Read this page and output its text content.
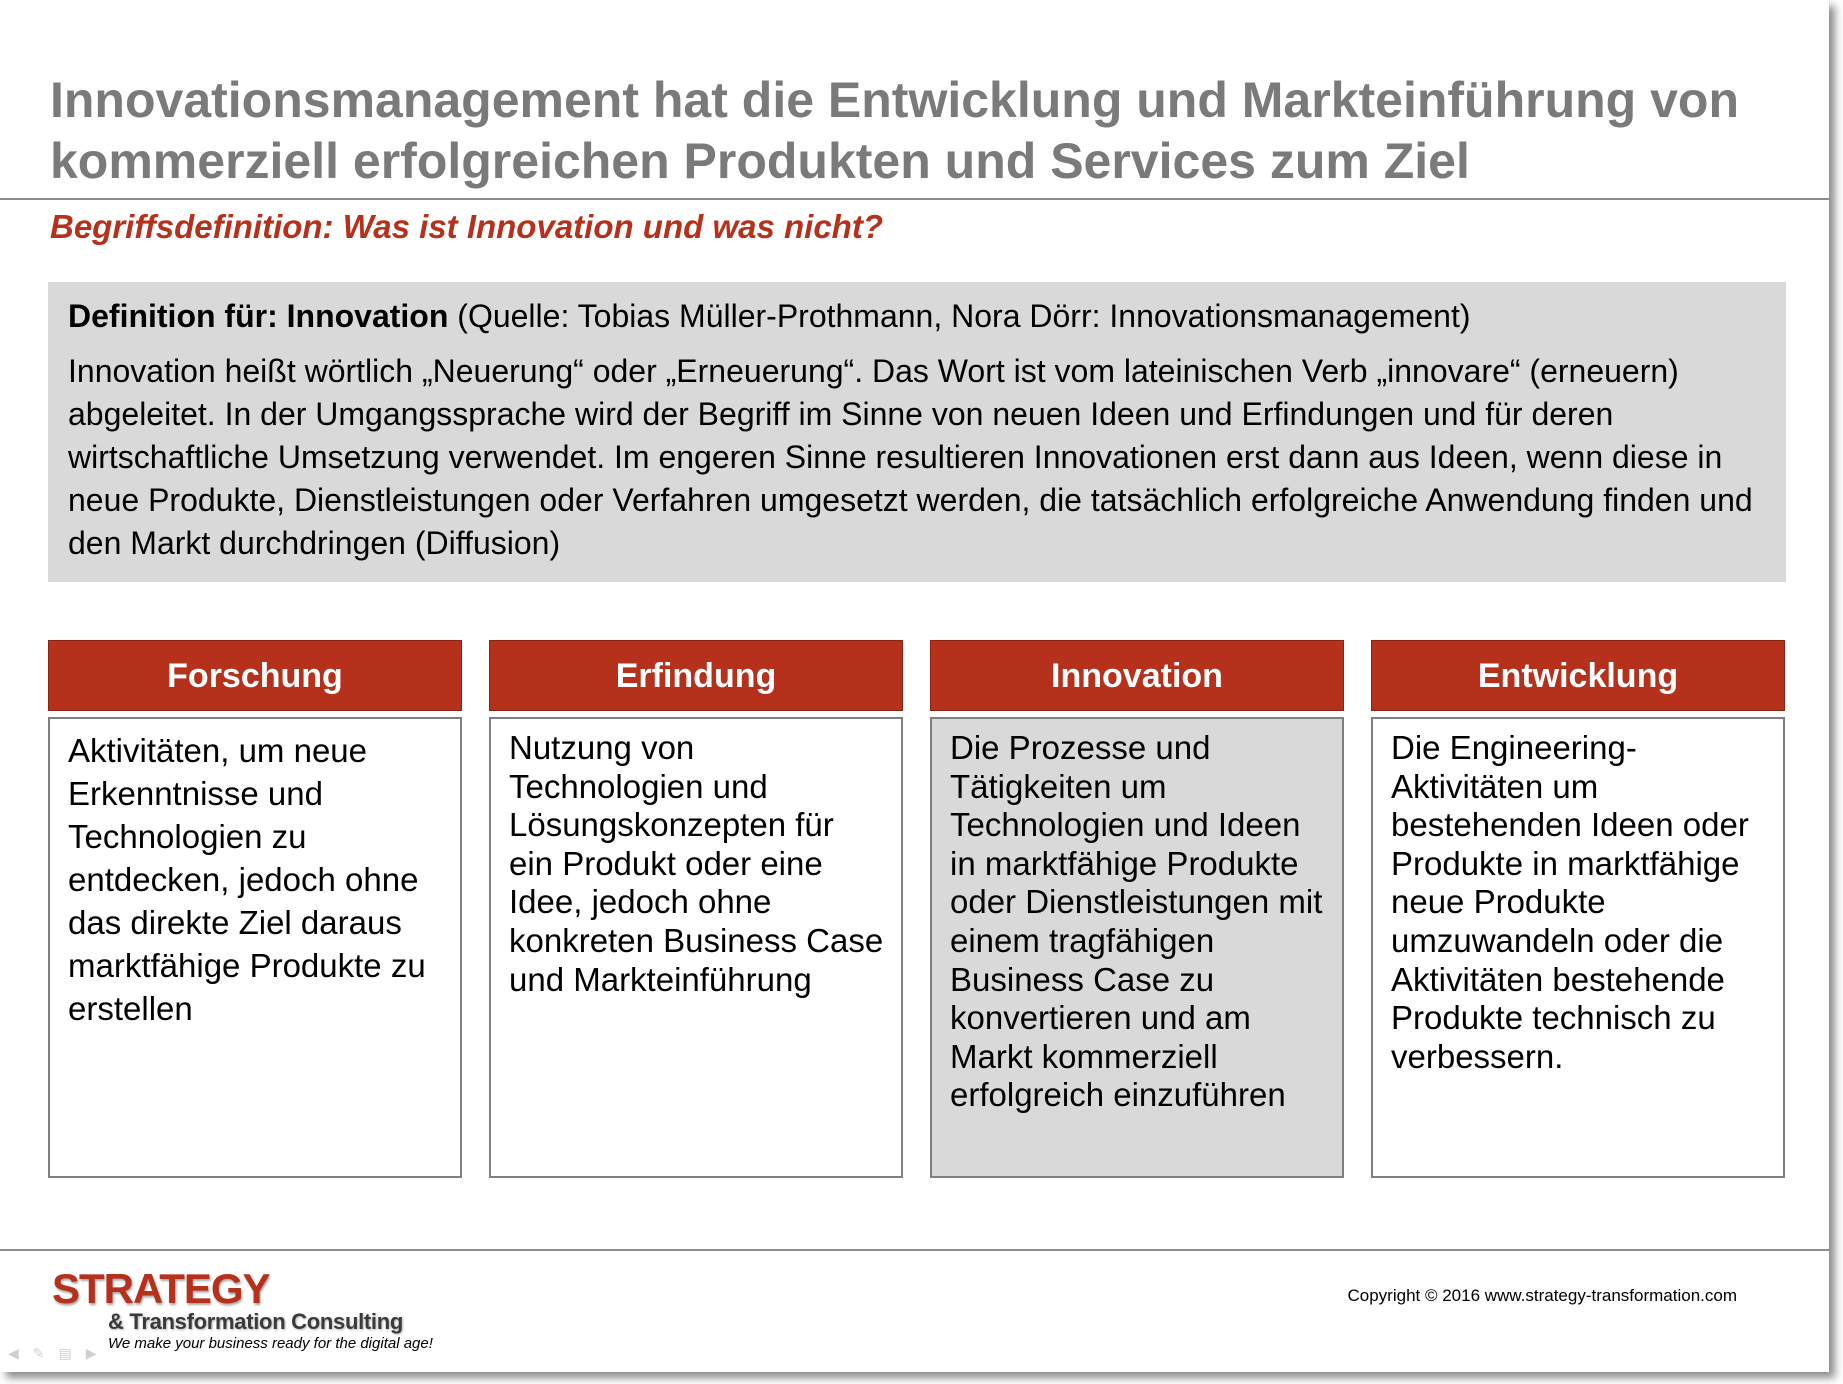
Innovationsmanagement hat die Entwicklung und Markteinführung von kommerziell erfolgreichen Produkten und Services zum Ziel
Begriffsdefinition: Was ist Innovation und was nicht?

Definition für: Innovation (Quelle: Tobias Müller-Prothmann, Nora Dörr: Innovationsmanagement)

Innovation heißt wörtlich „Neuerung“ oder „Erneuerung“. Das Wort ist vom lateinischen Verb „innovare“ (erneuern) abgeleitet. In der Umgangssprache wird der Begriff im Sinne von neuen Ideen und Erfindungen und für deren wirtschaftliche Umsetzung verwendet. Im engeren Sinne resultieren Innovationen erst dann aus Ideen, wenn diese in neue Produkte, Dienstleistungen oder Verfahren umgesetzt werden, die tatsächlich erfolgreiche Anwendung finden und den Markt durchdringen (Diffusion)

Forschung
Aktivitäten, um neue Erkenntnisse und Technologien zu entdecken, jedoch ohne das direkte Ziel daraus marktfähige Produkte zu erstellen
Erfindung
Nutzung von Technologien und Lösungskonzepten für ein Produkt oder eine Idee, jedoch ohne konkreten Business Case und Markteinführung
Innovation
Die Prozesse und Tätigkeiten um Technologien und Ideen in marktfähige Produkte oder Dienstleistungen mit einem tragfähigen Business Case zu konvertieren und am Markt kommerziell erfolgreich einzuführen
Entwicklung
Die Engineering-Aktivitäten um bestehenden Ideen oder Produkte in marktfähige neue Produkte umzuwandeln oder die Aktivitäten bestehende Produkte technisch zu verbessern.
STRATEGY
& Transformation Consulting
We make your business ready for the digital age!
Copyright © 2016 www.strategy-transformation.com
◀ ✎ ▤ ▶
